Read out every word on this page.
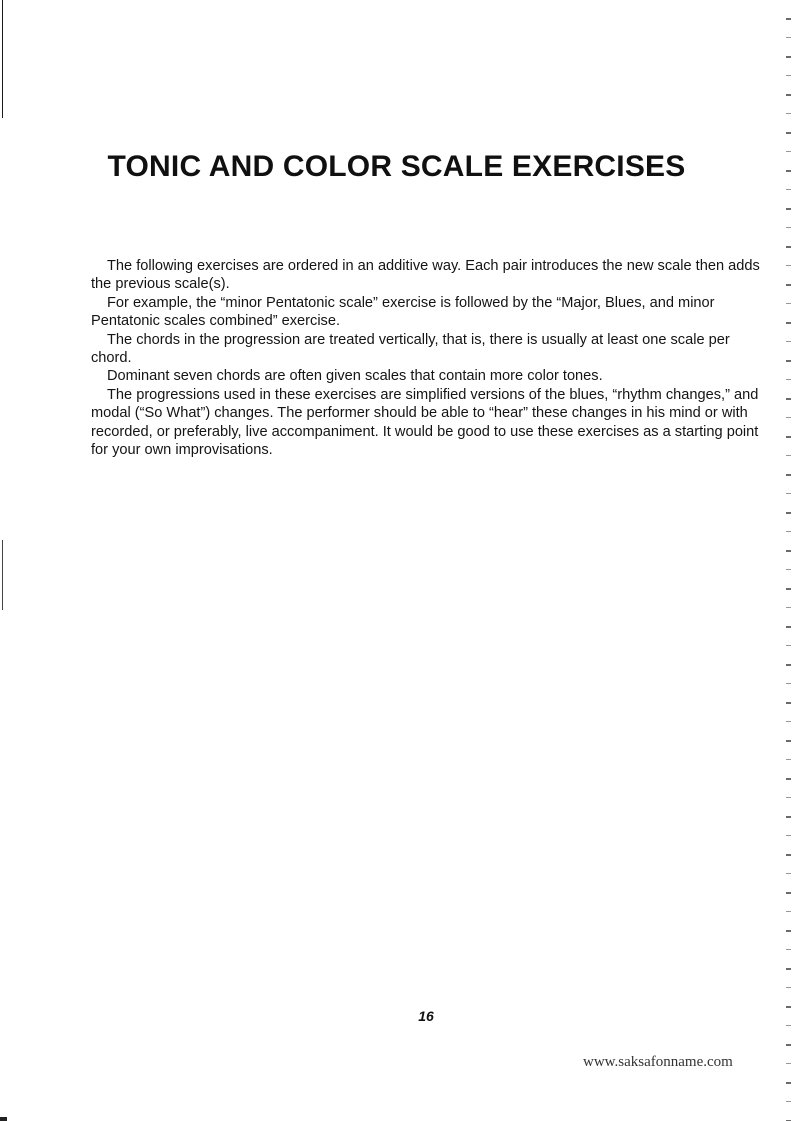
TONIC AND COLOR SCALE EXERCISES

The following exercises are ordered in an additive way. Each pair introduces the new scale then adds the previous scale(s).

For example, the “minor Pentatonic scale” exercise is followed by the “Major, Blues, and minor Pentatonic scales combined” exercise.

The chords in the progression are treated vertically, that is, there is usually at least one scale per chord.

Dominant seven chords are often given scales that contain more color tones.

The progressions used in these exercises are simplified versions of the blues, “rhythm changes,” and modal (“So What”) changes. The performer should be able to “hear” these changes in his mind or with recorded, or preferably, live accompaniment. It would be good to use these exercises as a starting point for your own improvisations.

16
www.saksafonname.com
